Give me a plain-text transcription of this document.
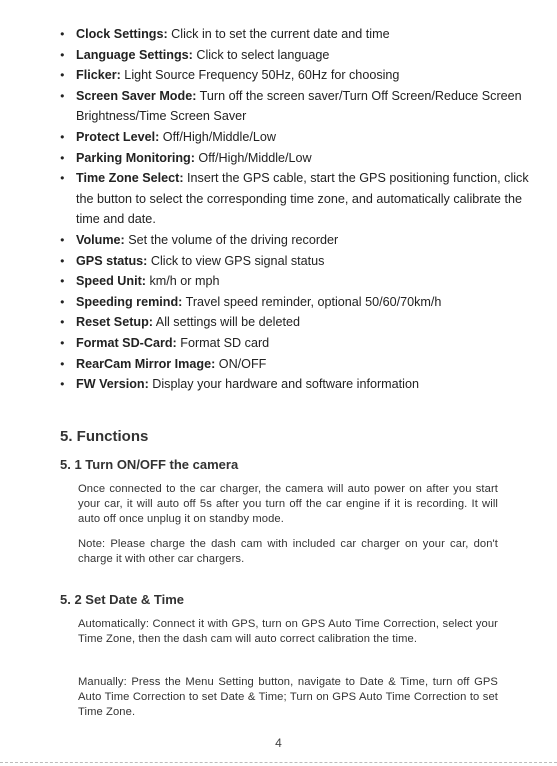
● Clock Settings: Click in to set the current date and time
● Language Settings: Click to select language
● Flicker: Light Source Frequency 50Hz, 60Hz for choosing
● Screen Saver Mode: Turn off the screen saver/Turn Off Screen/Reduce Screen Brightness/Time Screen Saver
● Protect Level: Off/High/Middle/Low
● Parking Monitoring: Off/High/Middle/Low
● Time Zone Select: Insert the GPS cable, start the GPS positioning function, click the button to select the corresponding time zone, and automatically calibrate the time and date.
● Volume: Set the volume of the driving recorder
● GPS status: Click to view GPS signal status
● Speed Unit: km/h or mph
● Speeding remind: Travel speed reminder, optional 50/60/70km/h
● Reset Setup: All settings will be deleted
● Format SD-Card: Format SD card
● RearCam Mirror Image: ON/OFF
● FW Version: Display your hardware and software information
5. Functions
5. 1 Turn ON/OFF the camera

Once connected to the car charger, the camera will auto power on after you start your car, it will auto off 5s after you turn off the car engine if it is recording. It will auto off once unplug it on standby mode.

Note: Please charge the dash cam with included car charger on your car, don't charge it with other car chargers.

5. 2 Set Date & Time

Automatically: Connect it with GPS, turn on GPS Auto Time Correction, select your Time Zone, then the dash cam will auto correct calibration the time.

Manually: Press the Menu Setting button, navigate to Date & Time, turn off GPS Auto Time Correction to set Date & Time; Turn on GPS Auto Time Correction to set Time Zone.

4
